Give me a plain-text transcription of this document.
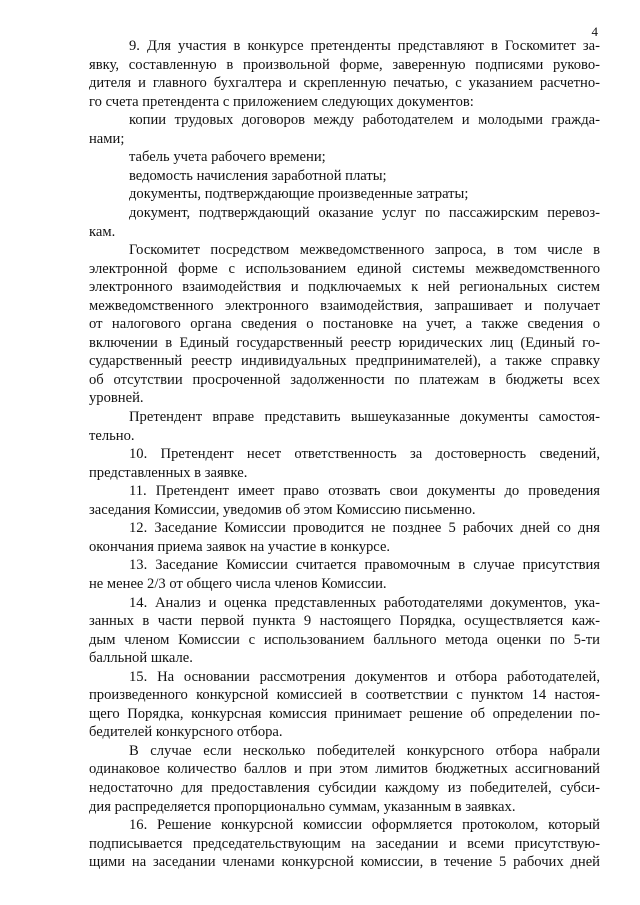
4
9. Для участия в конкурсе претенденты представляют в Госкомитет за-
явку, составленную в произвольной форме, заверенную подписями руково-
дителя и главного бухгалтера и скрепленную печатью, с указанием расчетно-
го счета претендента с приложением следующих документов:
копии трудовых договоров между работодателем и молодыми гражда-
нами;
табель учета рабочего времени;
ведомость начисления заработной платы;
документы, подтверждающие произведенные затраты;
документ, подтверждающий оказание услуг по пассажирским перевоз-
кам.
Госкомитет посредством межведомственного запроса, в том числе в
электронной форме с использованием единой системы межведомственного
электронного взаимодействия и подключаемых к ней региональных систем
межведомственного электронного взаимодействия, запрашивает и получает
от налогового органа сведения о постановке на учет, а также сведения о
включении в Единый государственный реестр юридических лиц (Единый го-
сударственный реестр индивидуальных предпринимателей), а также справку
об отсутствии просроченной задолженности по платежам в бюджеты всех
уровней.
Претендент вправе представить вышеуказанные документы самостоя-
тельно.
10. Претендент несет ответственность за достоверность сведений,
представленных в заявке.
11. Претендент имеет право отозвать свои документы до проведения
заседания Комиссии, уведомив об этом Комиссию письменно.
12. Заседание Комиссии проводится не позднее 5 рабочих дней со дня
окончания приема заявок на участие в конкурсе.
13. Заседание Комиссии считается правомочным в случае присутствия
не менее 2/3 от общего числа членов Комиссии.
14. Анализ и оценка представленных работодателями документов, ука-
занных в части первой пункта 9 настоящего Порядка, осуществляется каж-
дым членом Комиссии с использованием балльного метода оценки по 5-ти
балльной шкале.
15. На основании рассмотрения документов и отбора работодателей,
произведенного конкурсной комиссией в соответствии с пунктом 14 настоя-
щего Порядка, конкурсная комиссия принимает решение об определении по-
бедителей конкурсного отбора.
В случае если несколько победителей конкурсного отбора набрали
одинаковое количество баллов и при этом лимитов бюджетных ассигнований
недостаточно для предоставления субсидии каждому из победителей, субси-
дия распределяется пропорционально суммам, указанным в заявках.
16. Решение конкурсной комиссии оформляется протоколом, который
подписывается председательствующим на заседании и всеми присутствую-
щими на заседании членами конкурсной комиссии, в течение 5 рабочих дней
